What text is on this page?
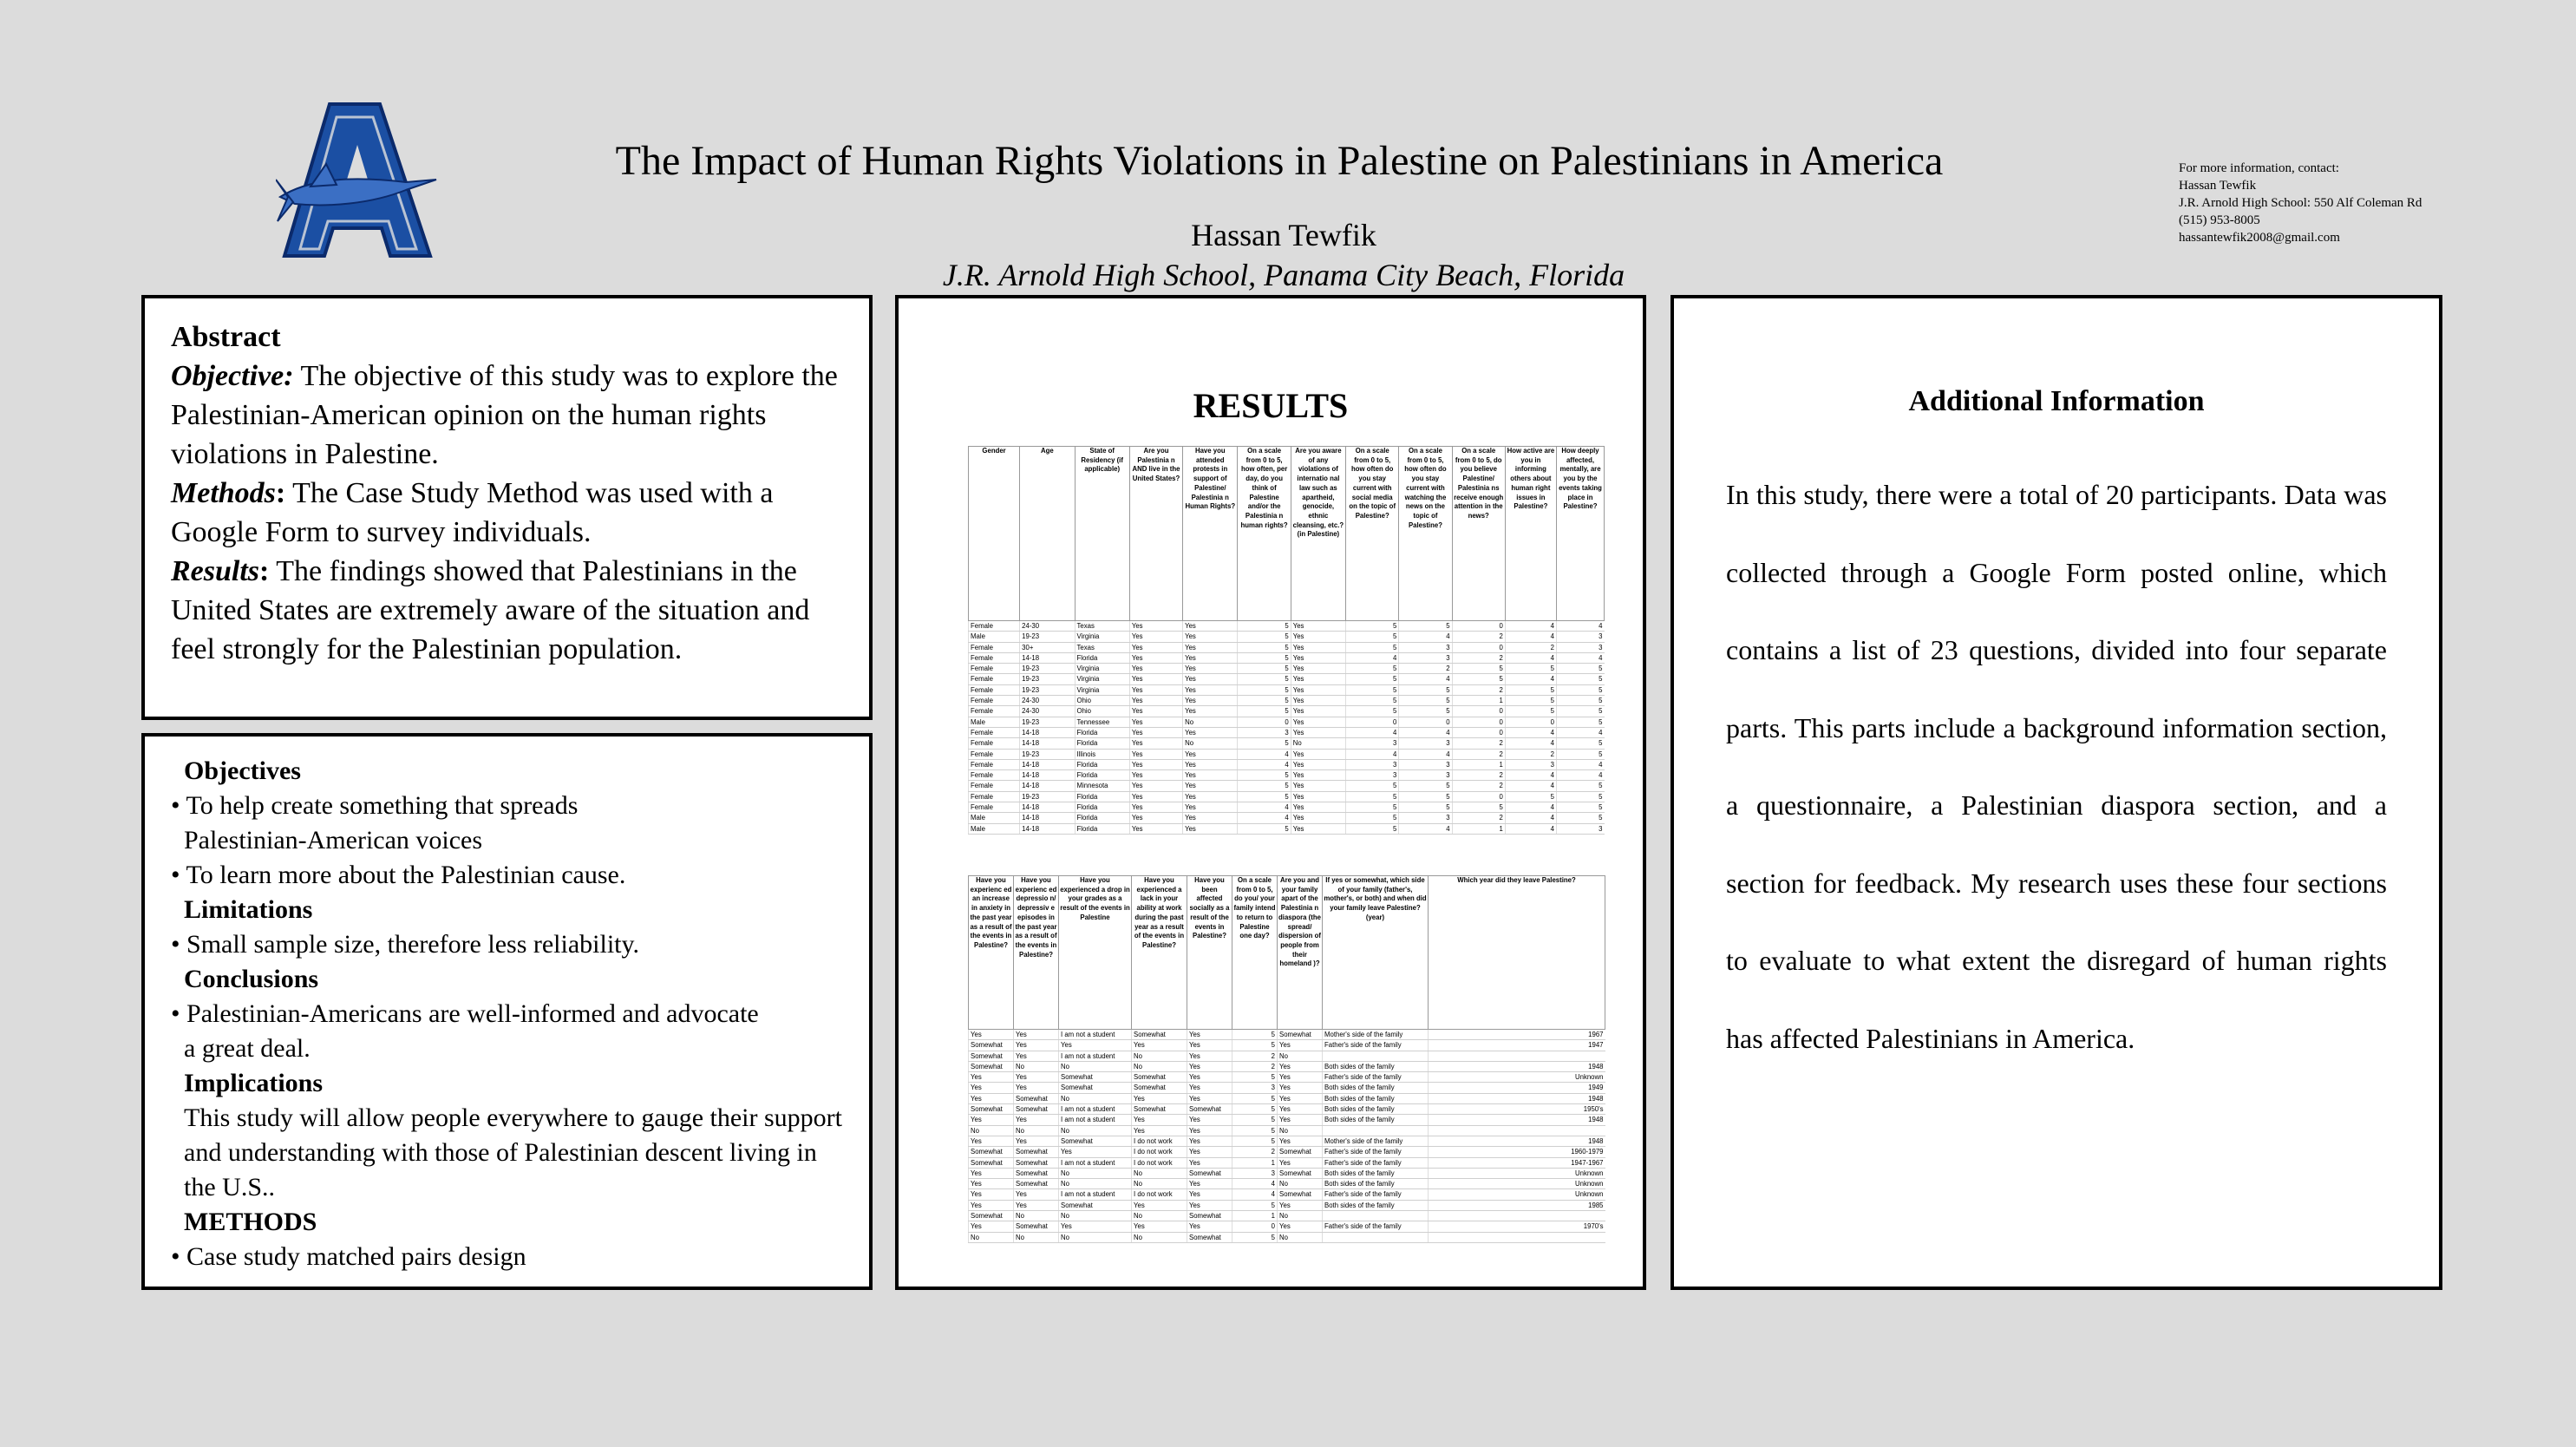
The Impact of Human Rights Violations in Palestine on Palestinians in America
Hassan Tewfik
J.R. Arnold High School, Panama City Beach, Florida
For more information, contact:
Hassan Tewfik
J.R. Arnold High School: 550 Alf Coleman Rd
(515) 953-8005
hassantewfik2008@gmail.com
Abstract
Objective: The objective of this study was to explore the Palestinian-American opinion on the human rights violations in Palestine.
Methods: The Case Study Method was used with a Google Form to survey individuals.
Results: The findings showed that Palestinians in the United States are extremely aware of the situation and feel strongly for the Palestinian population.
Objectives
• To help create something that spreads
Palestinian-American voices
• To learn more about the Palestinian cause.
Limitations
• Small sample size, therefore less reliability.
Conclusions
• Palestinian-Americans are well-informed and advocate
a great deal.
Implications
This study will allow people everywhere to gauge their support and understanding with those of Palestinian descent living in the U.S..
METHODS
• Case study matched pairs design
RESULTS
Gender	Age	State of Residency (if applicable)	Are you Palestinia n AND live in the United States?	Have you attended protests in support of Palestine/ Palestinia n Human Rights?	On a scale from 0 to 5, how often, per day, do you think of Palestine and/or the Palestinia n human rights?	Are you aware of any violations of internatio nal law such as apartheid, genocide, ethnic cleansing, etc.? (in Palestine)	On a scale from 0 to 5, how often do you stay current with social media on the topic of Palestine?	On a scale from 0 to 5, how often do you stay current with watching the news on the topic of Palestine?	On a scale from 0 to 5, do you believe Palestine/ Palestinia ns receive enough attention in the news?	How active are you in informing others about human right issues in Palestine?	How deeply affected, mentally, are you by the events taking place in Palestine?
Female	24-30	Texas	Yes	Yes	5	Yes	5	5	0	4	4
Male	19-23	Virginia	Yes	Yes	5	Yes	5	4	2	4	3
Female	30+	Texas	Yes	Yes	5	Yes	5	3	0	2	3
Female	14-18	Florida	Yes	Yes	5	Yes	4	3	2	4	4
Female	19-23	Virginia	Yes	Yes	5	Yes	5	2	5	5	5
Female	19-23	Virginia	Yes	Yes	5	Yes	5	4	5	4	5
Female	19-23	Virginia	Yes	Yes	5	Yes	5	5	2	5	5
Female	24-30	Ohio	Yes	Yes	5	Yes	5	5	1	5	5
Female	24-30	Ohio	Yes	Yes	5	Yes	5	5	0	5	5
Male	19-23	Tennessee	Yes	No	0	Yes	0	0	0	0	5
Female	14-18	Florida	Yes	Yes	3	Yes	4	4	0	4	4
Female	14-18	Florida	Yes	No	5	No	3	3	2	4	5
Female	19-23	Illinois	Yes	Yes	4	Yes	4	4	2	2	5
Female	14-18	Florida	Yes	Yes	4	Yes	3	3	1	3	4
Female	14-18	Florida	Yes	Yes	5	Yes	3	3	2	4	4
Female	14-18	Minnesota	Yes	Yes	5	Yes	5	5	2	4	5
Female	19-23	Florida	Yes	Yes	5	Yes	5	5	0	5	5
Female	14-18	Florida	Yes	Yes	4	Yes	5	5	5	4	5
Male	14-18	Florida	Yes	Yes	4	Yes	5	3	2	4	5
Male	14-18	Florida	Yes	Yes	5	Yes	5	4	1	4	3
Have you experienc ed an increase in anxiety in the past year as a result of the events in Palestine?	Have you experienc ed depressio n/ depressiv e episodes in the past year as a result of the events in Palestine?	Have you experienced a drop in your grades as a result of the events in Palestine	Have you experienced a lack in your ability at work during the past year as a result of the events in Palestine?	Have you been affected socially as a result of the events in Palestine?	On a scale from 0 to 5, do you/ your family intend to return to Palestine one day?	Are you and your family apart of the Palestinia n diaspora (the spread/ dispersion of people from their homeland )?	If yes or somewhat, which side of your family (father's, mother's, or both) and when did your family leave Palestine? (year)	Which year did they leave Palestine?
Yes	Yes	I am not a student	Somewhat	Yes	5	Somewhat	Mother's side of the family	1967
Somewhat	Yes	Yes	Yes	Yes	5	Yes	Father's side of the family	1947
Somewhat	Yes	I am not a student	No	Yes	2	No		
Somewhat	No	No	No	Yes	2	Yes	Both sides of the family	1948
Yes	Yes	Somewhat	Somewhat	Yes	5	Yes	Father's side of the family	Unknown
Yes	Yes	Somewhat	Somewhat	Yes	3	Yes	Both sides of the family	1949
Yes	Somewhat	No	Yes	Yes	5	Yes	Both sides of the family	1948
Somewhat	Somewhat	I am not a student	Somewhat	Somewhat	5	Yes	Both sides of the family	1950's
Yes	Yes	I am not a student	Yes	Yes	5	Yes	Both sides of the family	1948
No	No	No	Yes	Yes	5	No		
Yes	Yes	Somewhat	I do not work	Yes	5	Yes	Mother's side of the family	1948
Somewhat	Somewhat	Yes	I do not work	Yes	2	Somewhat	Father's side of the family	1960-1979
Somewhat	Somewhat	I am not a student	I do not work	Yes	1	Yes	Father's side of the family	1947-1967
Yes	Somewhat	No	No	Somewhat	3	Somewhat	Both sides of the family	Unknown
Yes	Somewhat	No	No	Yes	4	No	Both sides of the family	Unknown
Yes	Yes	I am not a student	I do not work	Yes	4	Somewhat	Father's side of the family	Unknown
Yes	Yes	Somewhat	Yes	Yes	5	Yes	Both sides of the family	1985
Somewhat	No	No	No	Somewhat	1	No		
Yes	Somewhat	Yes	Yes	Yes	0	Yes	Father's side of the family	1970's
No	No	No	No	Somewhat	5	No		
Additional Information
In this study, there were a total of 20 participants. Data was collected through a Google Form posted online, which contains a list of 23 questions, divided into four separate parts. This parts include a background information section, a questionnaire, a Palestinian diaspora section, and a section for feedback. My research uses these four sections to evaluate to what extent the disregard of human rights has affected Palestinians in America.
